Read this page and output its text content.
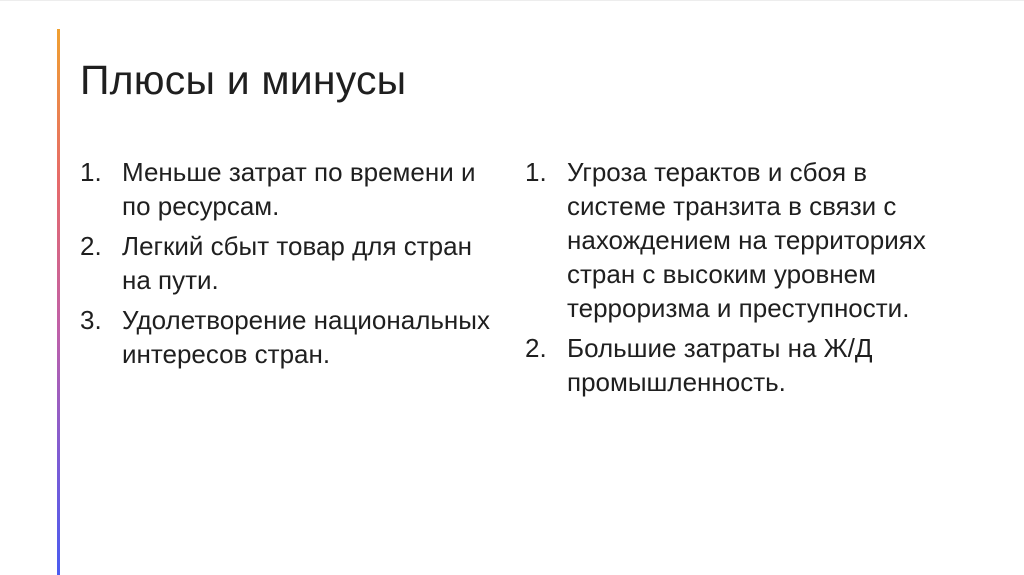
Плюсы и минусы
1. Меньше затрат по времени и по ресурсам.
2. Легкий сбыт товар для стран на пути.
3. Удолетворение национальных интересов стран.
1. Угроза терактов и сбоя в системе транзита в связи с нахождением на территориях стран с высоким уровнем терроризма и преступности.
2. Большие затраты на Ж/Д промышленность.
